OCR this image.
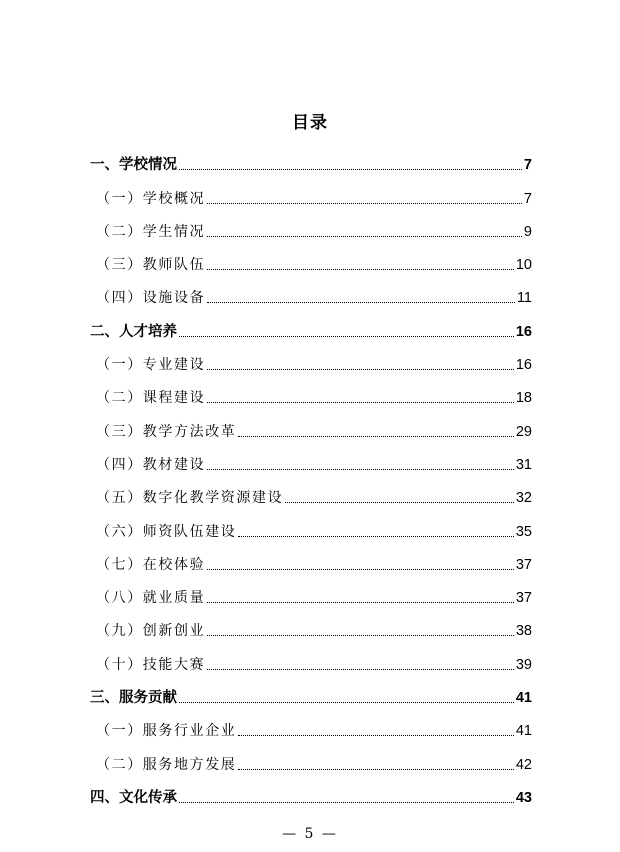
目录
一、学校情况	7
（一）学校概况	7
（二）学生情况	9
（三）教师队伍	10
（四）设施设备	11
二、人才培养	16
（一）专业建设	16
（二）课程建设	18
（三）教学方法改革	29
（四）教材建设	31
（五）数字化教学资源建设	32
（六）师资队伍建设	35
（七）在校体验	37
（八）就业质量	37
（九）创新创业	38
（十）技能大赛	39
三、服务贡献	41
（一）服务行业企业	41
（二）服务地方发展	42
四、文化传承	43
— 5 —
